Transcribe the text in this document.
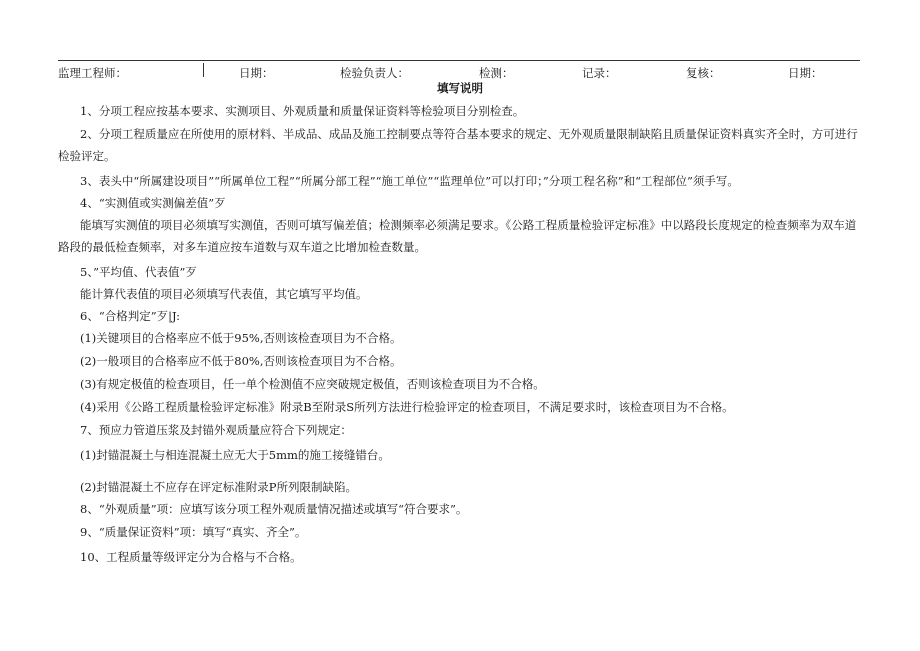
监理工程师：	日期：	检验负责人：	检测：	记录：	复核：	日期：
填写说明
1、分项工程应按基本要求、实测项目、外观质量和质量保证资料等检验项目分别检查。
2、分项工程质量应在所使用的原材料、半成品、成品及施工控制要点等符合基本要求的规定、无外观质量限制缺陷且质量保证资料真实齐全时，方可进行检验评定。
3、表头中“所属建设项目”“所属单位工程”“所属分部工程”“施工单位”“监理单位”可以打印；”分项工程名称”和“工程部位”须手写。
4、“实测值或实测偏差值”歹
能填写实测值的项目必须填写实测值，否则可填写偏差值；检测频率必须满足要求。《公路工程质量检验评定标准》中以路段长度规定的检查频率为双车道路段的最低检查频率，对多车道应按车道数与双车道之比增加检查数量。
5、”平均值、代表值”歹
能计算代表值的项目必须填写代表值，其它填写平均值。
6、“合格判定”歹|J:
(1)关键项目的合格率应不低于95%,否则该检查项目为不合格。
(2)一般项目的合格率应不低于80%,否则该检查项目为不合格。
(3)有规定极值的检查项目，任一单个检测值不应突破规定极值，否则该检查项目为不合格。
(4)采用《公路工程质量检验评定标准》附录B至附录S所列方法进行检验评定的检查项目，不满足要求时，该检查项目为不合格。
7、预应力管道压浆及封锚外观质量应符合下列规定：
(1)封锚混凝土与相连混凝土应无大于5mm的施工接缝错台。
(2)封锚混凝土不应存在评定标准附录P所列限制缺陷。
8、“外观质量”项：应填写该分项工程外观质量情况描述或填写“符合要求”。
9、“质量保证资料”项：填写“真实、齐全”。
10、工程质量等级评定分为合格与不合格。
